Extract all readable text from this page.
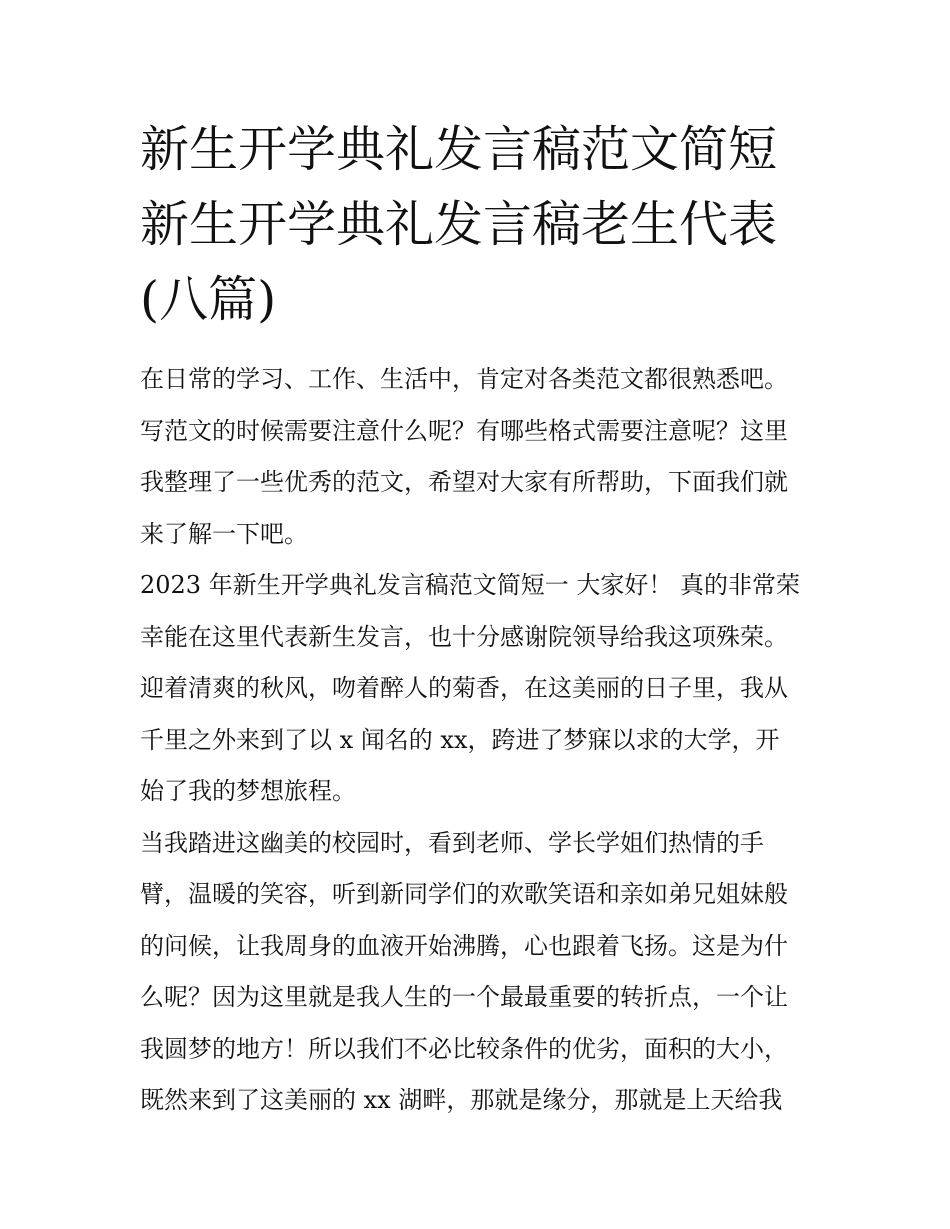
新生开学典礼发言稿范文简短
新生开学典礼发言稿老生代表
(八篇)
在日常的学习、工作、生活中，肯定对各类范文都很熟悉吧。
写范文的时候需要注意什么呢？有哪些格式需要注意呢？这里
我整理了一些优秀的范文，希望对大家有所帮助，下面我们就
来了解一下吧。
2023 年新生开学典礼发言稿范文简短一 大家好！ 真的非常荣
幸能在这里代表新生发言，也十分感谢院领导给我这项殊荣。
迎着清爽的秋风，吻着醉人的菊香，在这美丽的日子里，我从
千里之外来到了以 x 闻名的 xx，跨进了梦寐以求的大学，开
始了我的梦想旅程。
当我踏进这幽美的校园时，看到老师、学长学姐们热情的手
臂，温暖的笑容，听到新同学们的欢歌笑语和亲如弟兄姐妹般
的问候，让我周身的血液开始沸腾，心也跟着飞扬。这是为什
么呢？因为这里就是我人生的一个最最重要的转折点，一个让
我圆梦的地方！所以我们不必比较条件的优劣，面积的大小，
既然来到了这美丽的 xx 湖畔，那就是缘分，那就是上天给我
